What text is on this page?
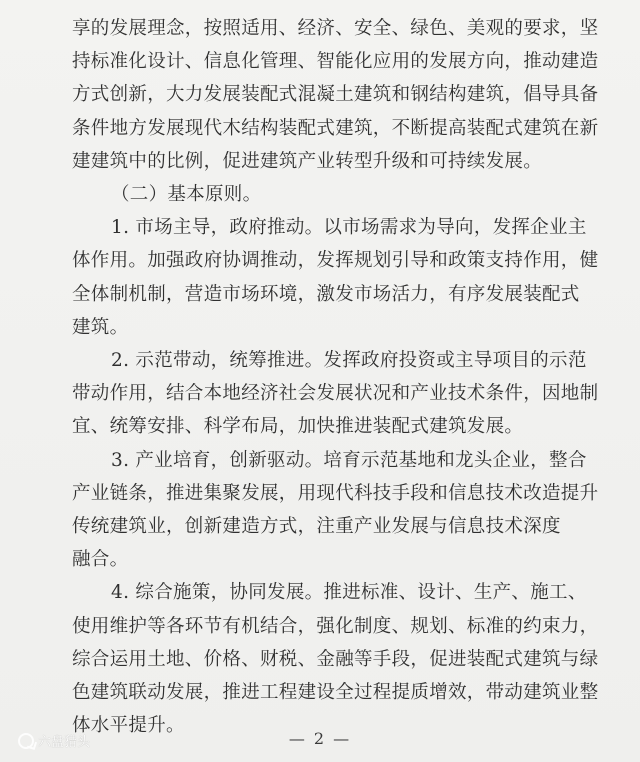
享的发展理念，按照适用、经济、安全、绿色、美观的要求，坚
持标准化设计、信息化管理、智能化应用的发展方向，推动建造
方式创新，大力发展装配式混凝土建筑和钢结构建筑，倡导具备
条件地方发展现代木结构装配式建筑，不断提高装配式建筑在新
建建筑中的比例，促进建筑产业转型升级和可持续发展。
（二）基本原则。
1. 市场主导，政府推动。以市场需求为导向，发挥企业主
体作用。加强政府协调推动，发挥规划引导和政策支持作用，健
全体制机制，营造市场环境，激发市场活力，有序发展装配式
建筑。
2. 示范带动，统筹推进。发挥政府投资或主导项目的示范
带动作用，结合本地经济社会发展状况和产业技术条件，因地制
宜、统筹安排、科学布局，加快推进装配式建筑发展。
3. 产业培育，创新驱动。培育示范基地和龙头企业，整合
产业链条，推进集聚发展，用现代科技手段和信息技术改造提升
传统建筑业，创新建造方式，注重产业发展与信息技术深度
融合。
4. 综合施策，协同发展。推进标准、设计、生产、施工、
使用维护等各环节有机结合，强化制度、规划、标准的约束力，
综合运用土地、价格、财税、金融等手段，促进装配式建筑与绿
色建筑联动发展，推进工程建设全过程提质增效，带动建筑业整
体水平提升。
— 2 —
六盘猎头
